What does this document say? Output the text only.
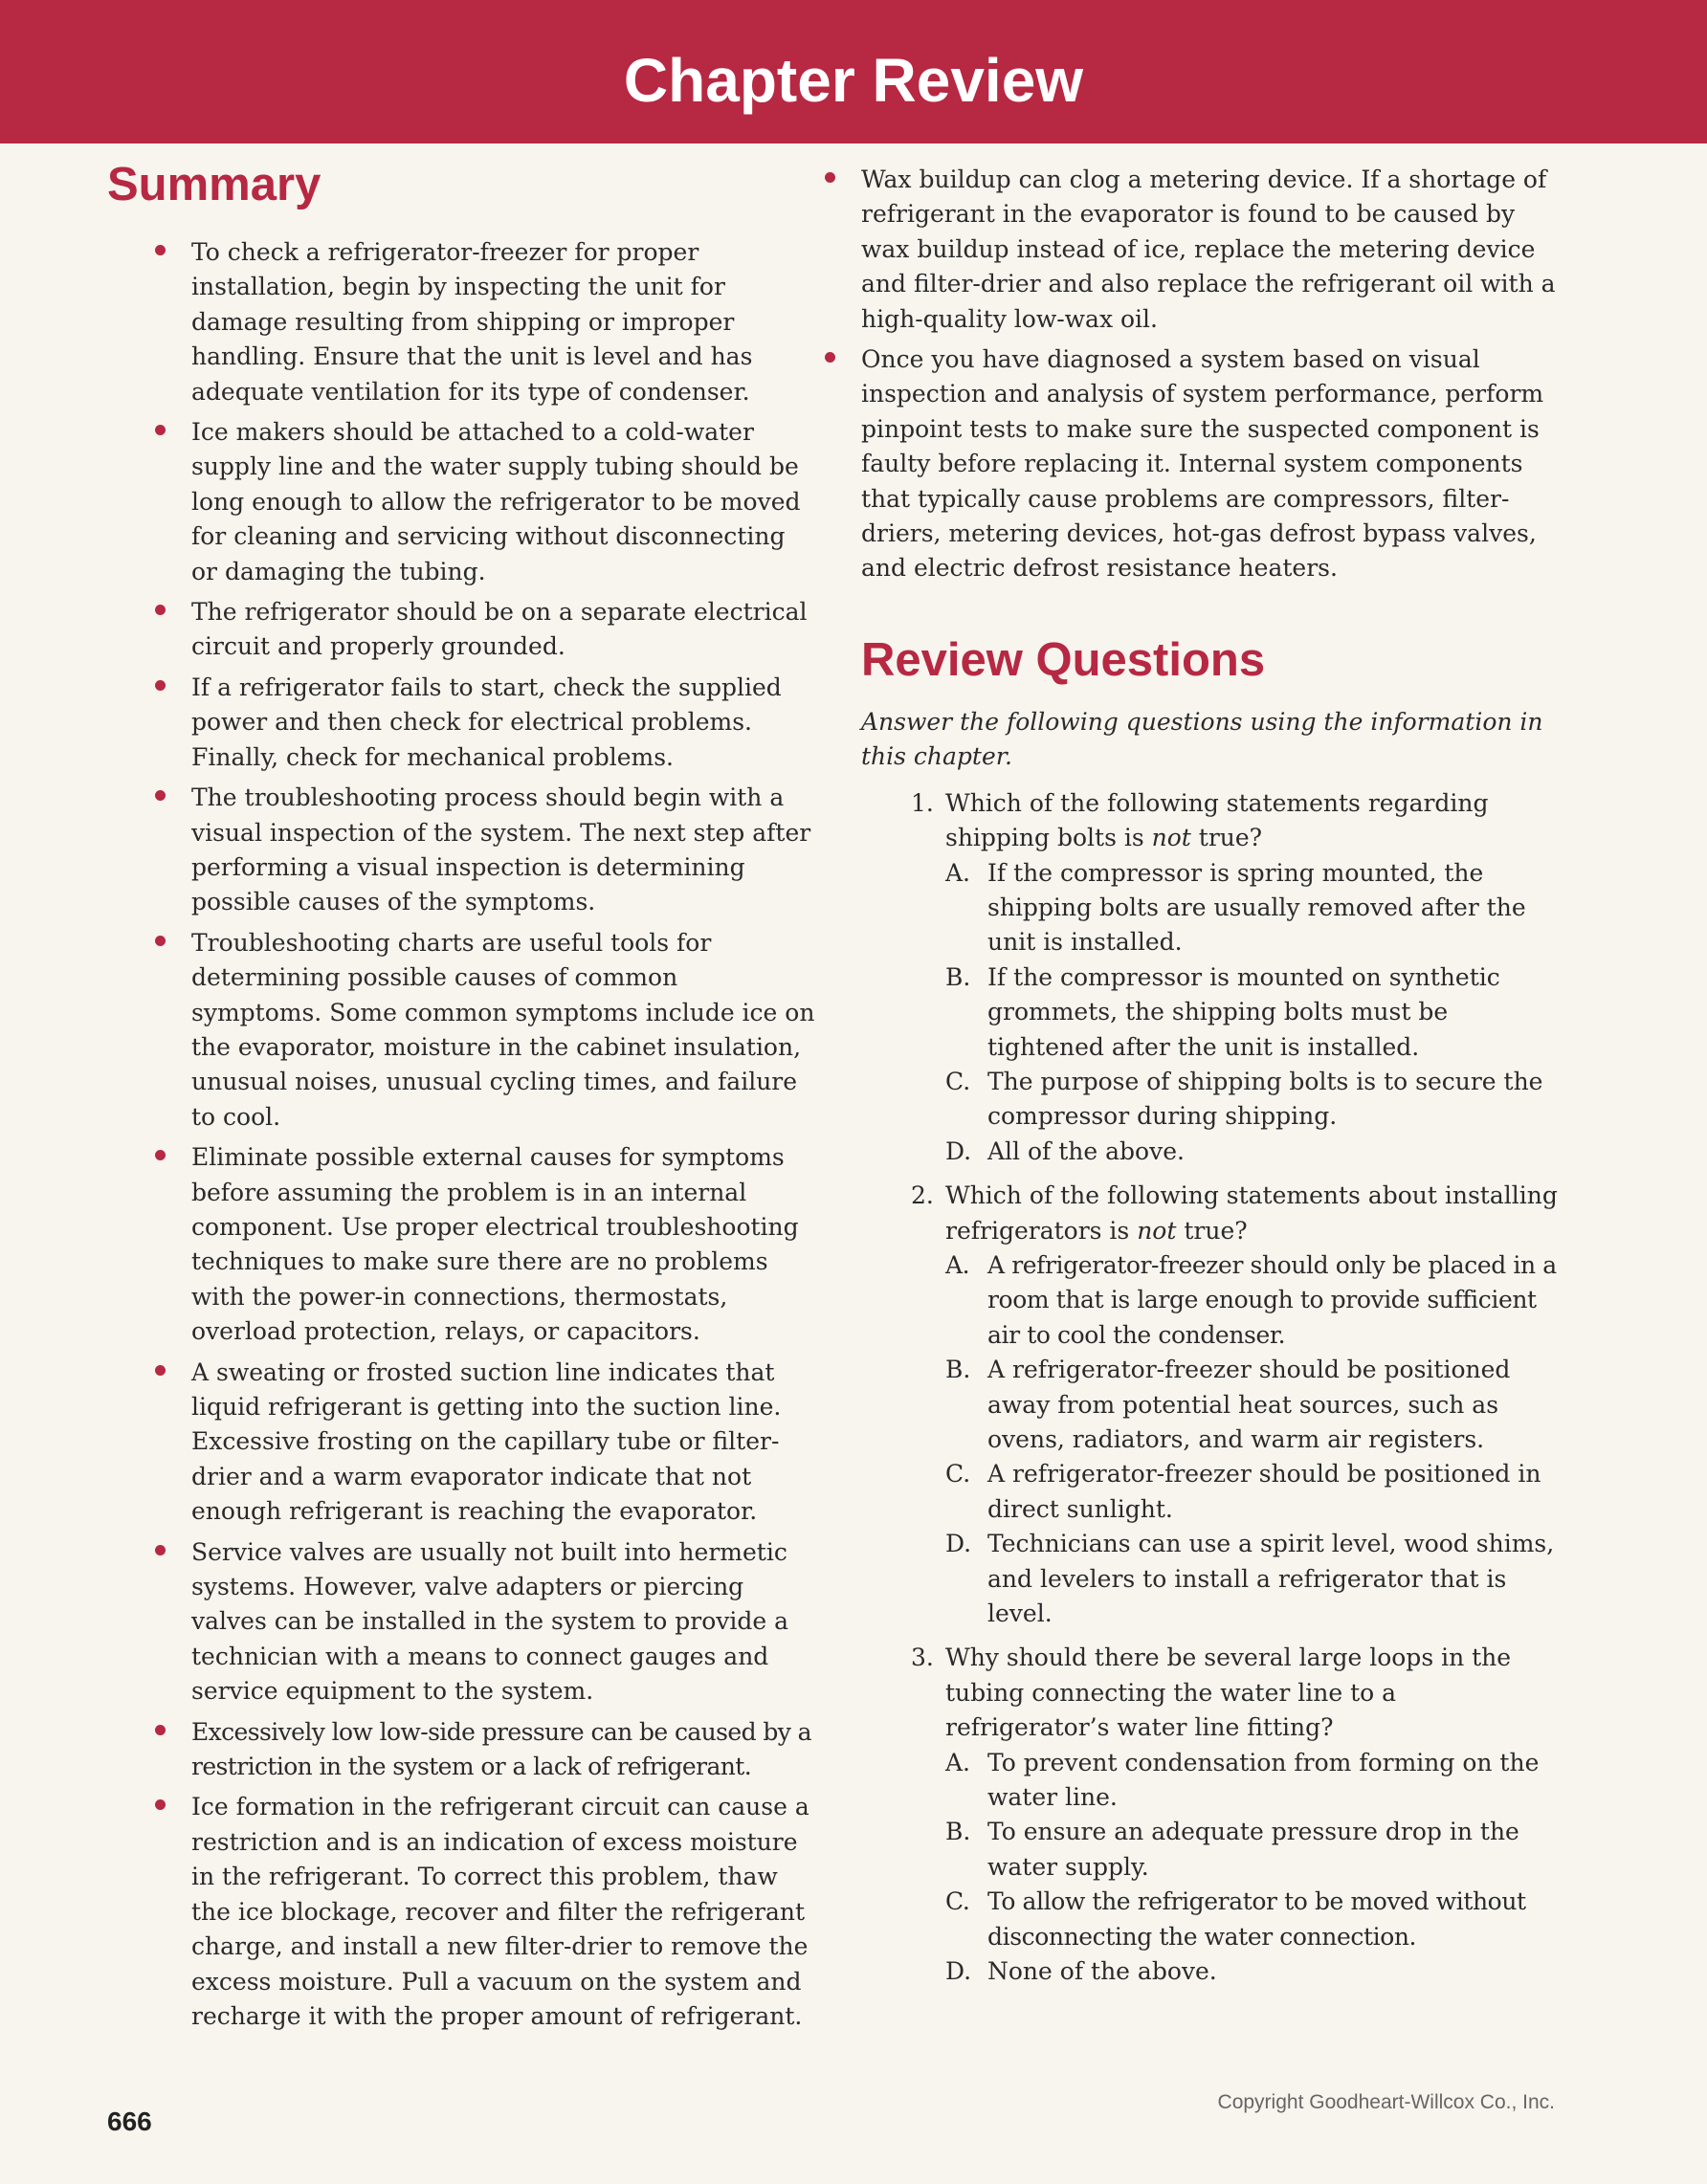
Chapter Review
Summary
To check a refrigerator-freezer for proper installation, begin by inspecting the unit for damage resulting from shipping or improper handling. Ensure that the unit is level and has adequate ventilation for its type of condenser.
Ice makers should be attached to a cold-water supply line and the water supply tubing should be long enough to allow the refrigerator to be moved for cleaning and servicing without disconnecting or damaging the tubing.
The refrigerator should be on a separate electrical circuit and properly grounded.
If a refrigerator fails to start, check the supplied power and then check for electrical problems. Finally, check for mechanical problems.
The troubleshooting process should begin with a visual inspection of the system. The next step after performing a visual inspection is determining possible causes of the symptoms.
Troubleshooting charts are useful tools for determining possible causes of common symptoms. Some common symptoms include ice on the evaporator, moisture in the cabinet insulation, unusual noises, unusual cycling times, and failure to cool.
Eliminate possible external causes for symptoms before assuming the problem is in an internal component. Use proper electrical troubleshooting techniques to make sure there are no problems with the power-in connections, thermostats, overload protection, relays, or capacitors.
A sweating or frosted suction line indicates that liquid refrigerant is getting into the suction line. Excessive frosting on the capillary tube or filter-drier and a warm evaporator indicate that not enough refrigerant is reaching the evaporator.
Service valves are usually not built into hermetic systems. However, valve adapters or piercing valves can be installed in the system to provide a technician with a means to connect gauges and service equipment to the system.
Excessively low low-side pressure can be caused by a restriction in the system or a lack of refrigerant.
Ice formation in the refrigerant circuit can cause a restriction and is an indication of excess moisture in the refrigerant. To correct this problem, thaw the ice blockage, recover and filter the refrigerant charge, and install a new filter-drier to remove the excess moisture. Pull a vacuum on the system and recharge it with the proper amount of refrigerant.
Wax buildup can clog a metering device. If a shortage of refrigerant in the evaporator is found to be caused by wax buildup instead of ice, replace the metering device and filter-drier and also replace the refrigerant oil with a high-quality low-wax oil.
Once you have diagnosed a system based on visual inspection and analysis of system performance, perform pinpoint tests to make sure the suspected component is faulty before replacing it. Internal system components that typically cause problems are compressors, filter-driers, metering devices, hot-gas defrost bypass valves, and electric defrost resistance heaters.
Review Questions
Answer the following questions using the information in this chapter.
1. Which of the following statements regarding shipping bolts is not true?
A. If the compressor is spring mounted, the shipping bolts are usually removed after the unit is installed.
B. If the compressor is mounted on synthetic grommets, the shipping bolts must be tightened after the unit is installed.
C. The purpose of shipping bolts is to secure the compressor during shipping.
D. All of the above.
2. Which of the following statements about installing refrigerators is not true?
A. A refrigerator-freezer should only be placed in a room that is large enough to provide sufficient air to cool the condenser.
B. A refrigerator-freezer should be positioned away from potential heat sources, such as ovens, radiators, and warm air registers.
C. A refrigerator-freezer should be positioned in direct sunlight.
D. Technicians can use a spirit level, wood shims, and levelers to install a refrigerator that is level.
3. Why should there be several large loops in the tubing connecting the water line to a refrigerator’s water line fitting?
A. To prevent condensation from forming on the water line.
B. To ensure an adequate pressure drop in the water supply.
C. To allow the refrigerator to be moved without disconnecting the water connection.
D. None of the above.
666
Copyright Goodheart-Willcox Co., Inc.
